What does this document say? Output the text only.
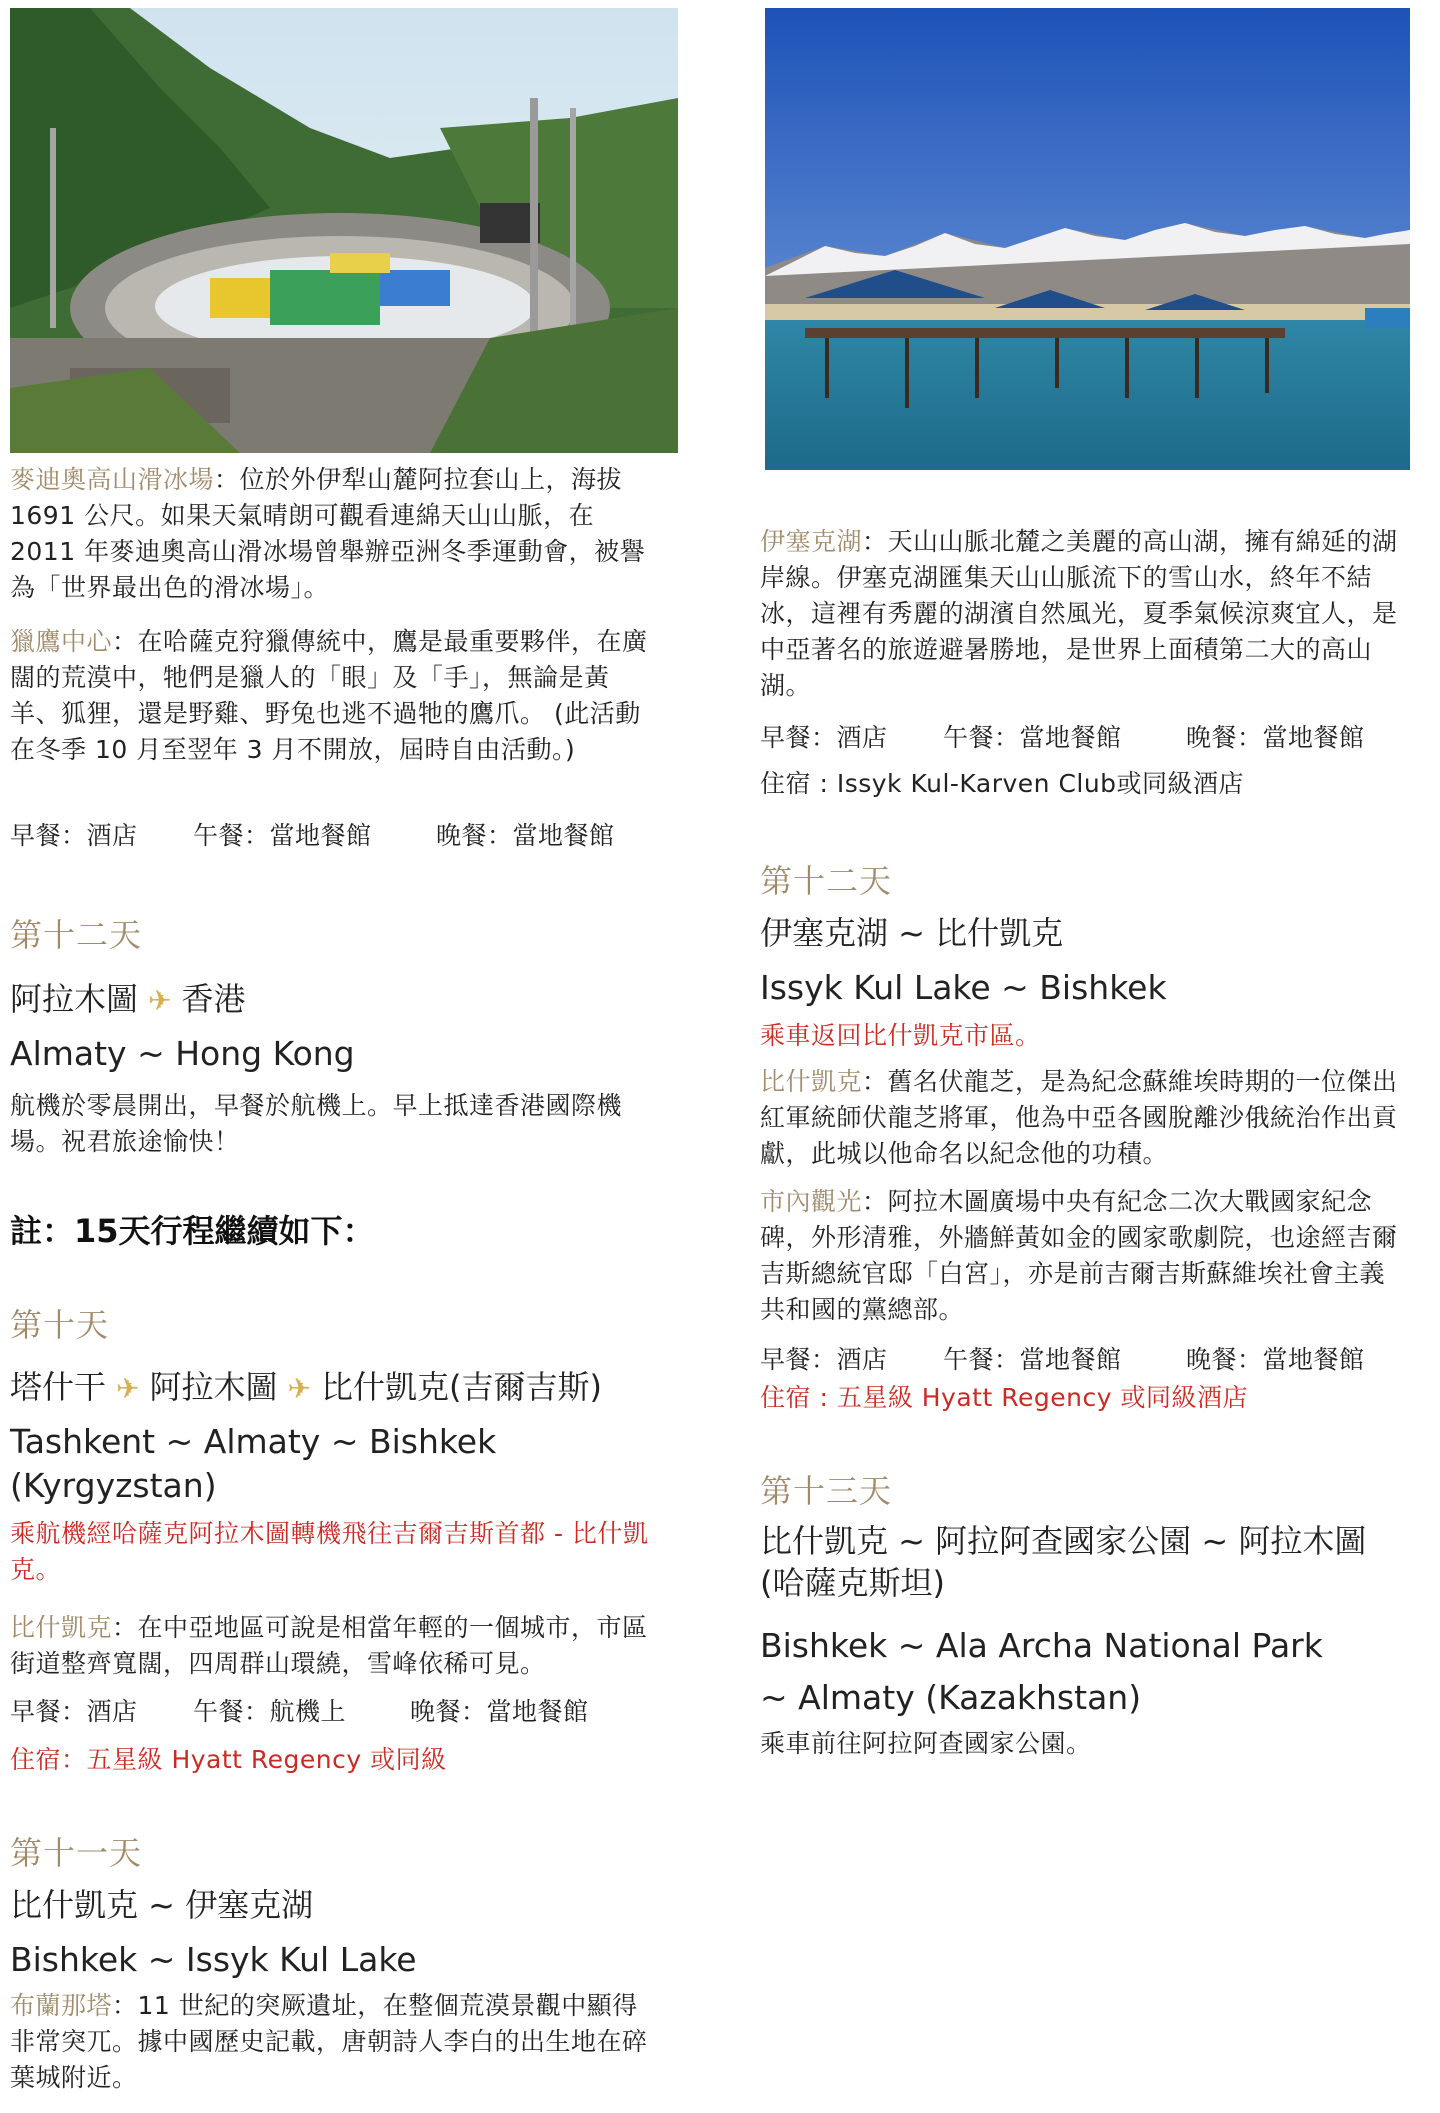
麥迪奧高山滑冰場：位於外伊犁山麓阿拉套山上，海拔 1691 公尺。如果天氣晴朗可觀看連綿天山山脈，在 2011 年麥迪奧高山滑冰場曾舉辦亞洲冬季運動會，被譽為「世界最出色的滑冰場」。

獵鷹中心：在哈薩克狩獵傳統中，鷹是最重要夥伴，在廣闊的荒漠中，牠們是獵人的「眼」及「手」，無論是黃羊、狐狸，還是野雞、野兔也逃不過牠的鷹爪。 (此活動在冬季 10 月至翌年 3 月不開放，屆時自由活動。)

早餐：酒店 午餐：當地餐館	晚餐：當地餐館
第十二天
阿拉木圖 ✈ 香港
Almaty ~ Hong Kong
航機於零晨開出，早餐於航機上。早上抵達香港國際機場。祝君旅途愉快！
註：15天行程繼續如下：
第十天
塔什干 ✈ 阿拉木圖 ✈ 比什凱克(吉爾吉斯)
Tashkent ~ Almaty ~ Bishkek (Kyrgyzstan)
乘航機經哈薩克阿拉木圖轉機飛往吉爾吉斯首都 - 比什凱克。

比什凱克：在中亞地區可說是相當年輕的一個城市，市區街道整齊寬闊，四周群山環繞，雪峰依稀可見。

早餐：酒店 午餐：航機上	晚餐：當地餐館
住宿：五星級 Hyatt Regency 或同級
第十一天
比什凱克 ~ 伊塞克湖
Bishkek ~ Issyk Kul Lake

布蘭那塔：11 世紀的突厥遺址，在整個荒漠景觀中顯得非常突兀。據中國歷史記載，唐朝詩人李白的出生地在碎葉城附近。

伊塞克湖：天山山脈北麓之美麗的高山湖，擁有綿延的湖岸線。伊塞克湖匯集天山山脈流下的雪山水，終年不結冰，這裡有秀麗的湖濱自然風光，夏季氣候涼爽宜人，是中亞著名的旅遊避暑勝地，是世界上面積第二大的高山湖。

早餐：酒店 午餐：當地餐館	晚餐：當地餐館
住宿 : Issyk Kul-Karven Club或同級酒店
第十二天
伊塞克湖 ~ 比什凱克
Issyk Kul Lake ~ Bishkek
乘車返回比什凱克市區。

比什凱克：舊名伏龍芝，是為紀念蘇維埃時期的一位傑出紅軍統師伏龍芝將軍，他為中亞各國脫離沙俄統治作出貢獻，此城以他命名以紀念他的功積。

市內觀光：阿拉木圖廣場中央有紀念二次大戰國家紀念碑，外形清雅，外牆鮮黃如金的國家歌劇院，也途經吉爾吉斯總統官邸「白宮」，亦是前吉爾吉斯蘇維埃社會主義共和國的黨總部。

早餐：酒店 午餐：當地餐館	晚餐：當地餐館
住宿 : 五星級 Hyatt Regency 或同級酒店
第十三天
比什凱克 ~ 阿拉阿查國家公園 ~ 阿拉木圖 (哈薩克斯坦)
Bishkek ~ Ala Archa National Park ~ Almaty (Kazakhstan)
乘車前往阿拉阿查國家公園。
